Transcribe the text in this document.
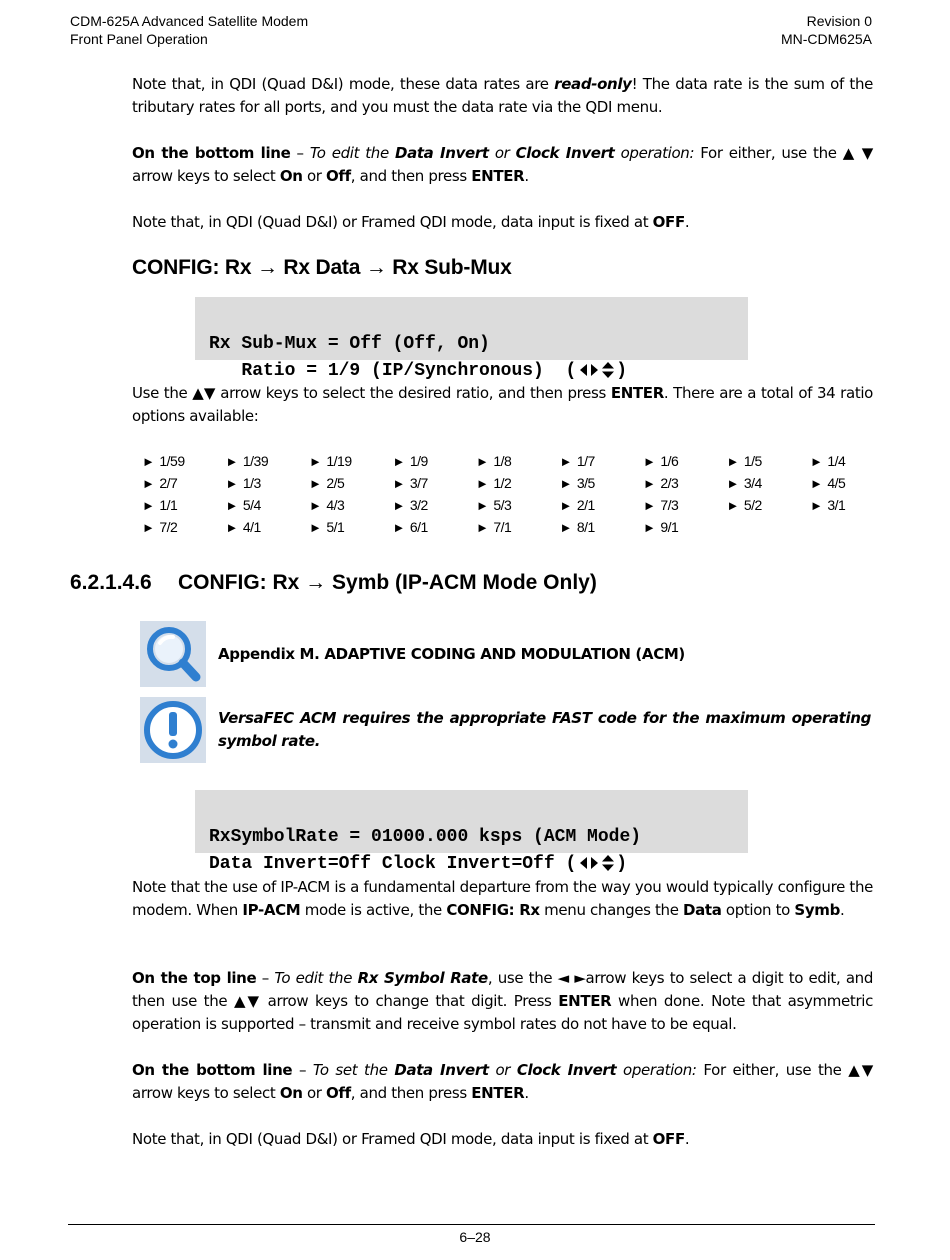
CDM-625A Advanced Satellite Modem
Front Panel Operation
Revision 0
MN-CDM625A
Note that, in QDI (Quad D&I) mode, these data rates are read-only! The data rate is the sum of the tributary rates for all ports, and you must the data rate via the QDI menu.
On the bottom line – To edit the Data Invert or Clock Invert operation: For either, use the ▲ ▼ arrow keys to select On or Off, and then press ENTER.
Note that, in QDI (Quad D&I) or Framed QDI mode, data input is fixed at OFF.
CONFIG: Rx → Rx Data → Rx Sub-Mux

Rx Sub-Mux = Off (Off, On)
Ratio = 1/9 (IP/Synchronous)  ( )

Use the ▲▼ arrow keys to select the desired ratio, and then press ENTER. There are a total of 34 ratio options available:
► 1/59	► 1/39	► 1/19	► 1/9	► 1/8	► 1/7	► 1/6	► 1/5	► 1/4
► 2/7	► 1/3	► 2/5	► 3/7	► 1/2	► 3/5	► 2/3	► 3/4	► 4/5
► 1/1	► 5/4	► 4/3	► 3/2	► 5/3	► 2/1	► 7/3	► 5/2	► 3/1
► 7/2	► 4/1	► 5/1	► 6/1	► 7/1	► 8/1	► 9/1
6.2.1.4.6 CONFIG: Rx → Symb (IP-ACM Mode Only)
Appendix M. ADAPTIVE CODING AND MODULATION (ACM)
VersaFEC ACM requires the appropriate FAST code for the maximum operating symbol rate.

RxSymbolRate = 01000.000 ksps (ACM Mode)
Data Invert=Off Clock Invert=Off ( )

Note that the use of IP-ACM is a fundamental departure from the way you would typically configure the modem. When IP-ACM mode is active, the CONFIG: Rx menu changes the Data option to Symb.
On the top line – To edit the Rx Symbol Rate, use the ◄ ►arrow keys to select a digit to edit, and then use the ▲▼ arrow keys to change that digit. Press ENTER when done. Note that asymmetric operation is supported – transmit and receive symbol rates do not have to be equal.
On the bottom line – To set the Data Invert or Clock Invert operation: For either, use the ▲▼ arrow keys to select On or Off, and then press ENTER.
Note that, in QDI (Quad D&I) or Framed QDI mode, data input is fixed at OFF.
6–28
